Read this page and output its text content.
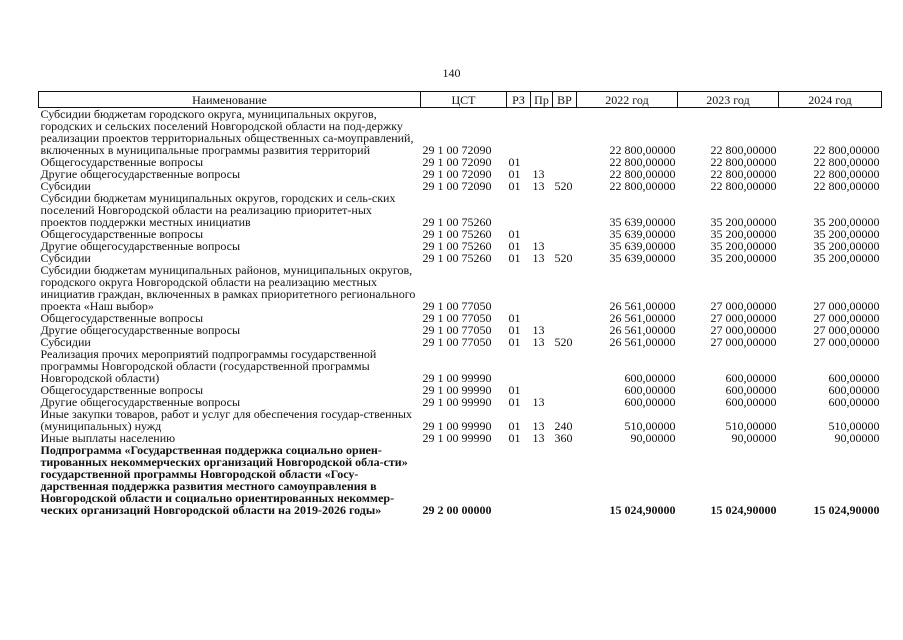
140
Наименование	ЦСТ	РЗ	Пр	ВР	2022 год	2023 год	2024 год
Субсидии бюджетам городского округа, муниципальных округов, городских и сельских поселений Новгородской области на под-держку реализации проектов территориальных общественных са-моуправлений, включенных в муниципальные программы развития территорий	29 1 00 72090				22 800,00000	22 800,00000	22 800,00000
Общегосударственные вопросы	29 1 00 72090	01			22 800,00000	22 800,00000	22 800,00000
Другие общегосударственные вопросы	29 1 00 72090	01	13		22 800,00000	22 800,00000	22 800,00000
Субсидии	29 1 00 72090	01	13	520	22 800,00000	22 800,00000	22 800,00000
Субсидии бюджетам муниципальных округов, городских и сель-ских поселений Новгородской области на реализацию приоритет-ных проектов поддержки местных инициатив	29 1 00 75260				35 639,00000	35 200,00000	35 200,00000
Общегосударственные вопросы	29 1 00 75260	01			35 639,00000	35 200,00000	35 200,00000
Другие общегосударственные вопросы	29 1 00 75260	01	13		35 639,00000	35 200,00000	35 200,00000
Субсидии	29 1 00 75260	01	13	520	35 639,00000	35 200,00000	35 200,00000
Субсидии бюджетам муниципальных районов, муниципальных округов, городского округа Новгородской области на реализацию местных инициатив граждан, включенных в рамках приоритетного регионального проекта «Наш выбор»	29 1 00 77050				26 561,00000	27 000,00000	27 000,00000
Общегосударственные вопросы	29 1 00 77050	01			26 561,00000	27 000,00000	27 000,00000
Другие общегосударственные вопросы	29 1 00 77050	01	13		26 561,00000	27 000,00000	27 000,00000
Субсидии	29 1 00 77050	01	13	520	26 561,00000	27 000,00000	27 000,00000
Реализация прочих мероприятий подпрограммы государственной программы Новгородской области (государственной программы Новгородской области)	29 1 00 99990				600,00000	600,00000	600,00000
Общегосударственные вопросы	29 1 00 99990	01			600,00000	600,00000	600,00000
Другие общегосударственные вопросы	29 1 00 99990	01	13		600,00000	600,00000	600,00000
Иные закупки товаров, работ и услуг для обеспечения государ-ственных (муниципальных) нужд	29 1 00 99990	01	13	240	510,00000	510,00000	510,00000
Иные выплаты населению	29 1 00 99990	01	13	360	90,00000	90,00000	90,00000
Подпрограмма «Государственная поддержка социально ориен-тированных некоммерческих организаций Новгородской обла-сти» государственной программы Новгородской области «Госу-дарственная поддержка развития местного самоуправления в Новгородской области и социально ориентированных некоммер-ческих организаций Новгородской области на 2019-2026 годы»	29 2 00 00000				15 024,90000	15 024,90000	15 024,90000
